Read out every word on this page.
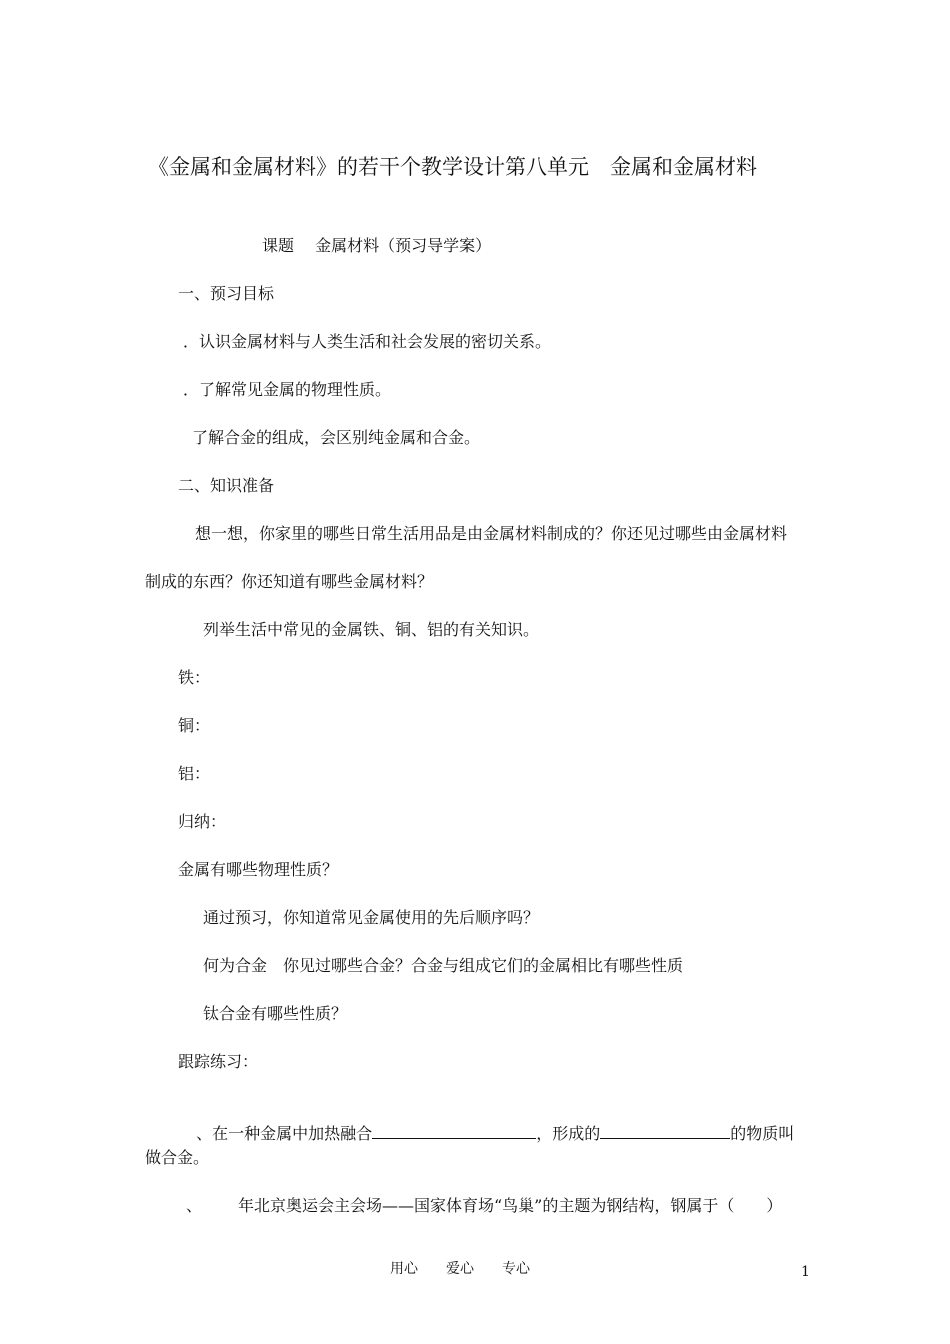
《金属和金属材料》的若干个教学设计第八单元　金属和金属材料
课题　 金属材料（预习导学案）
一、预习目标
．认识金属材料与人类生活和社会发展的密切关系。
．了解常见金属的物理性质。
了解合金的组成，会区别纯金属和合金。
二、知识准备
想一想，你家里的哪些日常生活用品是由金属材料制成的？你还见过哪些由金属材料
制成的东西？你还知道有哪些金属材料？
列举生活中常见的金属铁、铜、铝的有关知识。
铁：
铜：
铝：
归纳：
金属有哪些物理性质？
通过预习，你知道常见金属使用的先后顺序吗？
何为合金　你见过哪些合金？合金与组成它们的金属相比有哪些性质
钛合金有哪些性质？
跟踪练习：

、在一种金属中加热融合	，形成的	的物质叫

做合金。
、 年北京奥运会主会场——国家体育场“鸟巢”的主题为钢结构，钢属于（　　）
用心　　爱心　　专心	1
